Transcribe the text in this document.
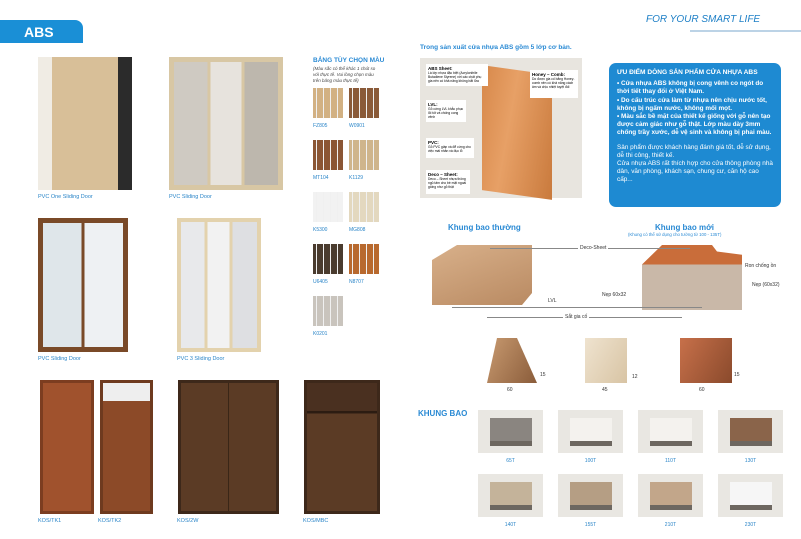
ABS DOOR
FOR YOUR SMART LIFE
PVC One Sliding Door	PVC Sliding Door
PVC Sliding Door	PVC 3 Sliding Door
KOS/TK1	KOS/TK2	KOS/2W	KOS/MBC
BẢNG TÙY CHỌN MÀU
(Màu sắc có thể khác 1 chút so với thực tế. Vui lòng chọn màu trên bảng màu thực tế)
FZ805	W0901
MT104	K1129
K5300	MG808
U6405	N8707
K0201
Trong sản xuất cửa nhựa ABS gồm 5 lớp cơ bản.
ABS Sheet:
Là lớp nhựa đặc biệt (Acrylonitrile Butadiene Styrene) với các chất phụ gia nên có khả năng không bắt lửa
LVL:
Gỗ cứng LVL khắc phục lõi tốt và chống cong vênh
PVC:
Gỗ PVC giàn và để cứng cho việc mài nhẵn và đục lỗ
Deco – Sheet:
Deco – Sheet nhựa thông ngủ tấm cho bề mặt ngoài giống như gỗ thật
Honey – Comb:
Do được gia cố bằng Honey-comb nên có khả năng cách âm và chịu nhiệt tuyệt đối
ƯU ĐIỂM DÒNG SẢN PHẨM CỬA NHỰA ABS
• Cửa nhựa ABS không bị cong vênh co ngót do thời tiết thay đổi ở Việt Nam.
• Do cấu trúc cửa làm từ nhựa nên chịu nước tốt, không bị ngấm nước, không mối mọt.
• Màu sắc bề mặt của thiết kế giống với gỗ nên tạo được cảm giác như gỗ thật. Lớp màu dày 3mm chống trầy xước, dễ vệ sinh và không bị phai màu.
Sản phẩm được khách hàng đánh giá tốt, dễ sử dụng, dễ thi công, thiết kế.
Cửa nhựa ABS rất thích hợp cho cửa thông phòng nhà dân, văn phòng, khách sạn, chung cư, căn hộ cao cấp...
Khung bao thường	Khung bao mới
(Khung có thể sử dụng cho tường từ 100 - 135T)
Deco-Sheet
LVL
Sắt gia cố
Ron chống ồn
Nẹp 60x32
Nẹp (60x32)
60
15
45
12
60
15
KHUNG BAO
65T	100T	110T	130T
140T	155T	210T	230T
